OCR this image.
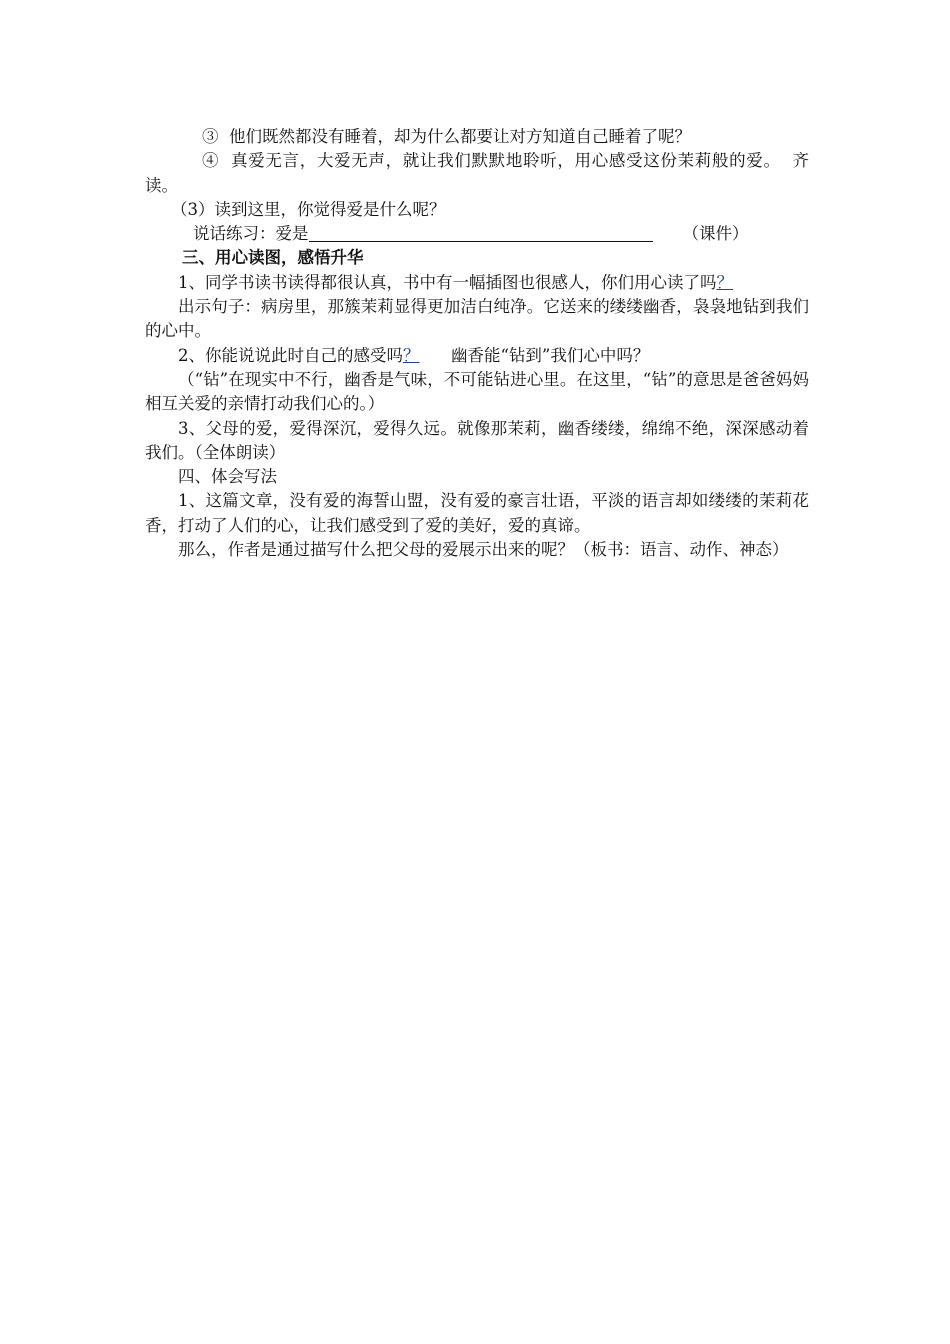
③  他们既然都没有睡着，却为什么都要让对方知道自己睡着了呢？

④  真爱无言，大爱无声，就让我们默默地聆听，用心感受这份茉莉般的爱。  齐读。

（3）读到这里，你觉得爱是什么呢？

说话练习：爱是	（课件）

三、用心读图，感悟升华

1、同学书读书读得都很认真，书中有一幅插图也很感人，你们用心读了吗？

出示句子：病房里，那簇茉莉显得更加洁白纯净。它送来的缕缕幽香，袅袅地钻到我们的心中。

2、你能说说此时自己的感受吗？      幽香能“钻到”我们心中吗？

（“钻”在现实中不行，幽香是气味，不可能钻进心里。在这里，“钻”的意思是爸爸妈妈相互关爱的亲情打动我们心的。）

3、父母的爱，爱得深沉，爱得久远。就像那茉莉，幽香缕缕，绵绵不绝，深深感动着我们。（全体朗读）

四、体会写法

1、这篇文章，没有爱的海誓山盟，没有爱的豪言壮语，平淡的语言却如缕缕的茉莉花香，打动了人们的心，让我们感受到了爱的美好，爱的真谛。

那么，作者是通过描写什么把父母的爱展示出来的呢？（板书：语言、动作、神态）
